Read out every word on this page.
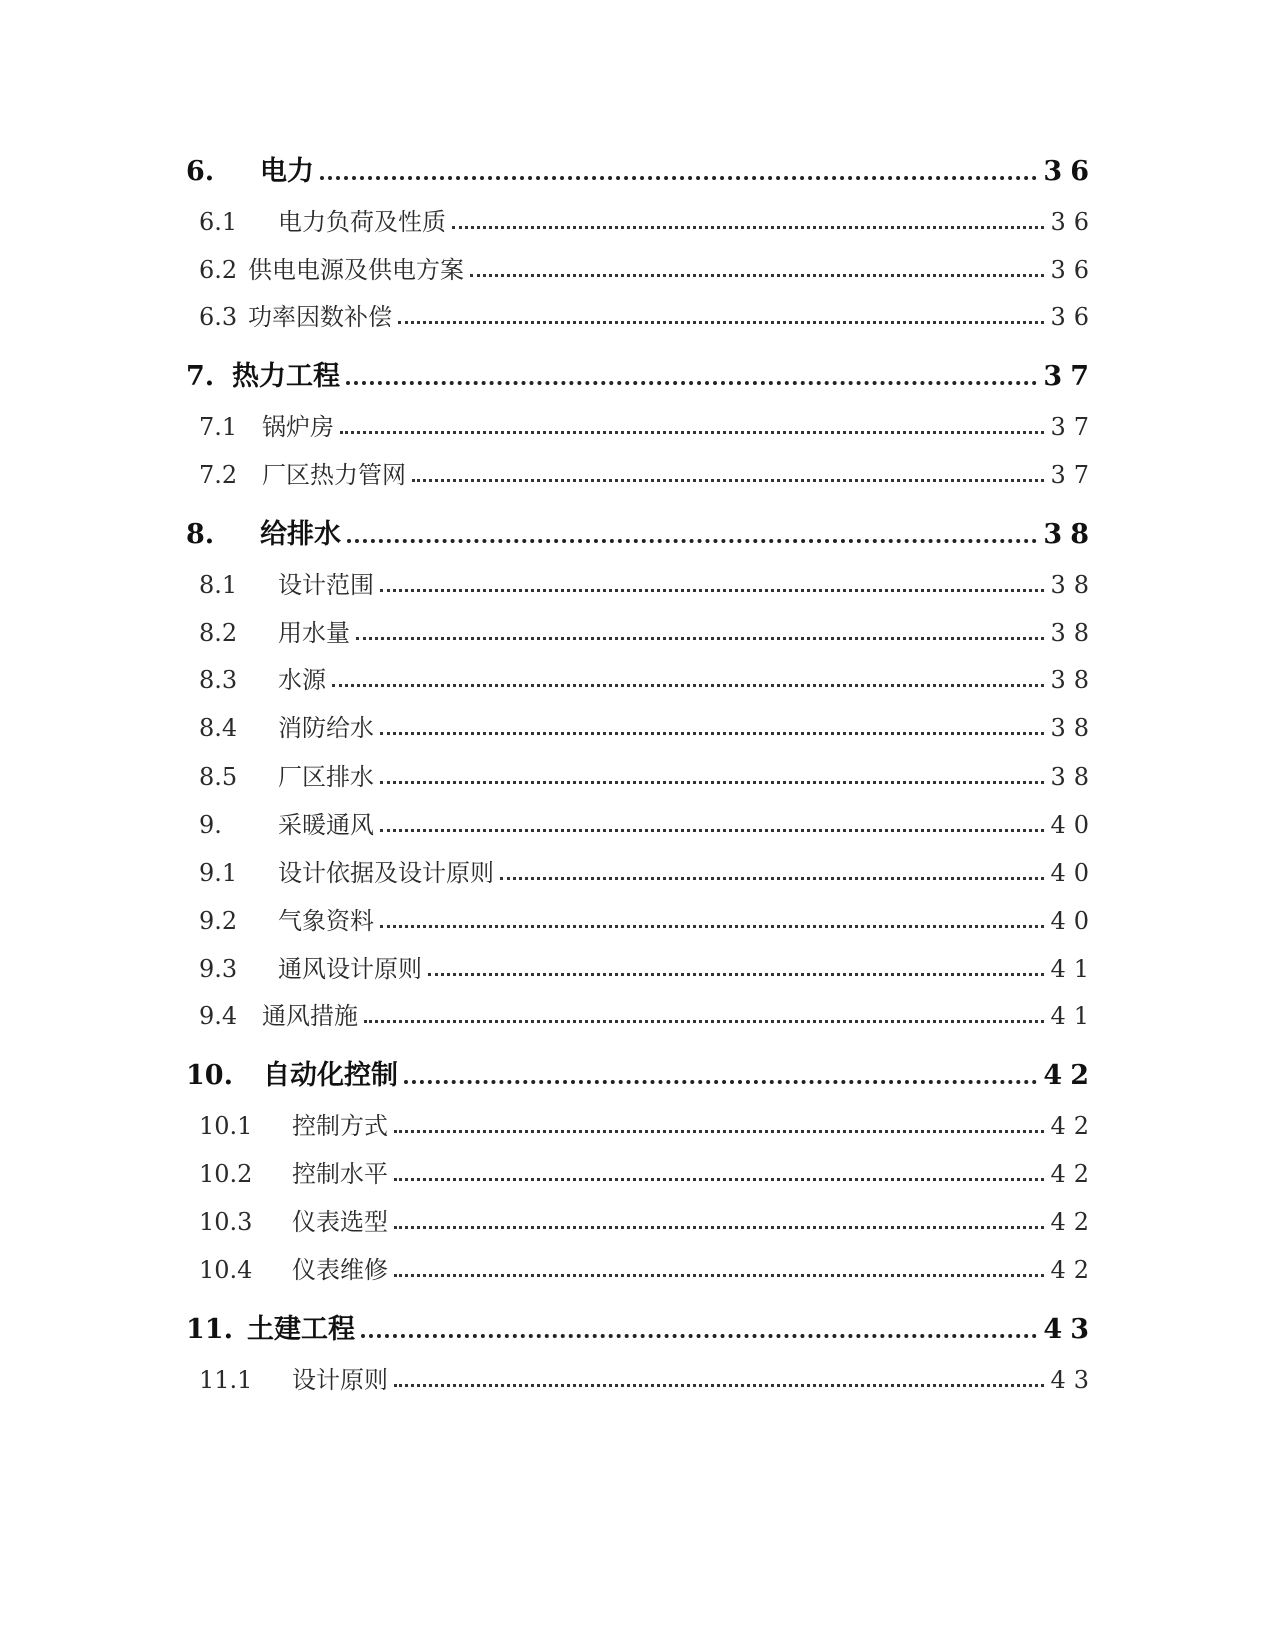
6.	电力	36
6.1	电力负荷及性质	36
6.2 供电电源及供电方案	36
6.3 功率因数补偿	36
7. 热力工程	37
7.1	锅炉房	37
7.2	厂区热力管网	37
8.	给排水	38
8.1	设计范围	38
8.2	用水量	38
8.3	水源	38
8.4	消防给水	38
8.5	厂区排水	38
9.	采暖通风	40
9.1	设计依据及设计原则	40
9.2	气象资料	40
9.3	通风设计原则	41
9.4	通风措施	41
10.	自动化控制	42
10.1	控制方式	42
10.2	控制水平	42
10.3	仪表选型	42
10.4	仪表维修	42
11. 土建工程	43
11.1	设计原则	43
